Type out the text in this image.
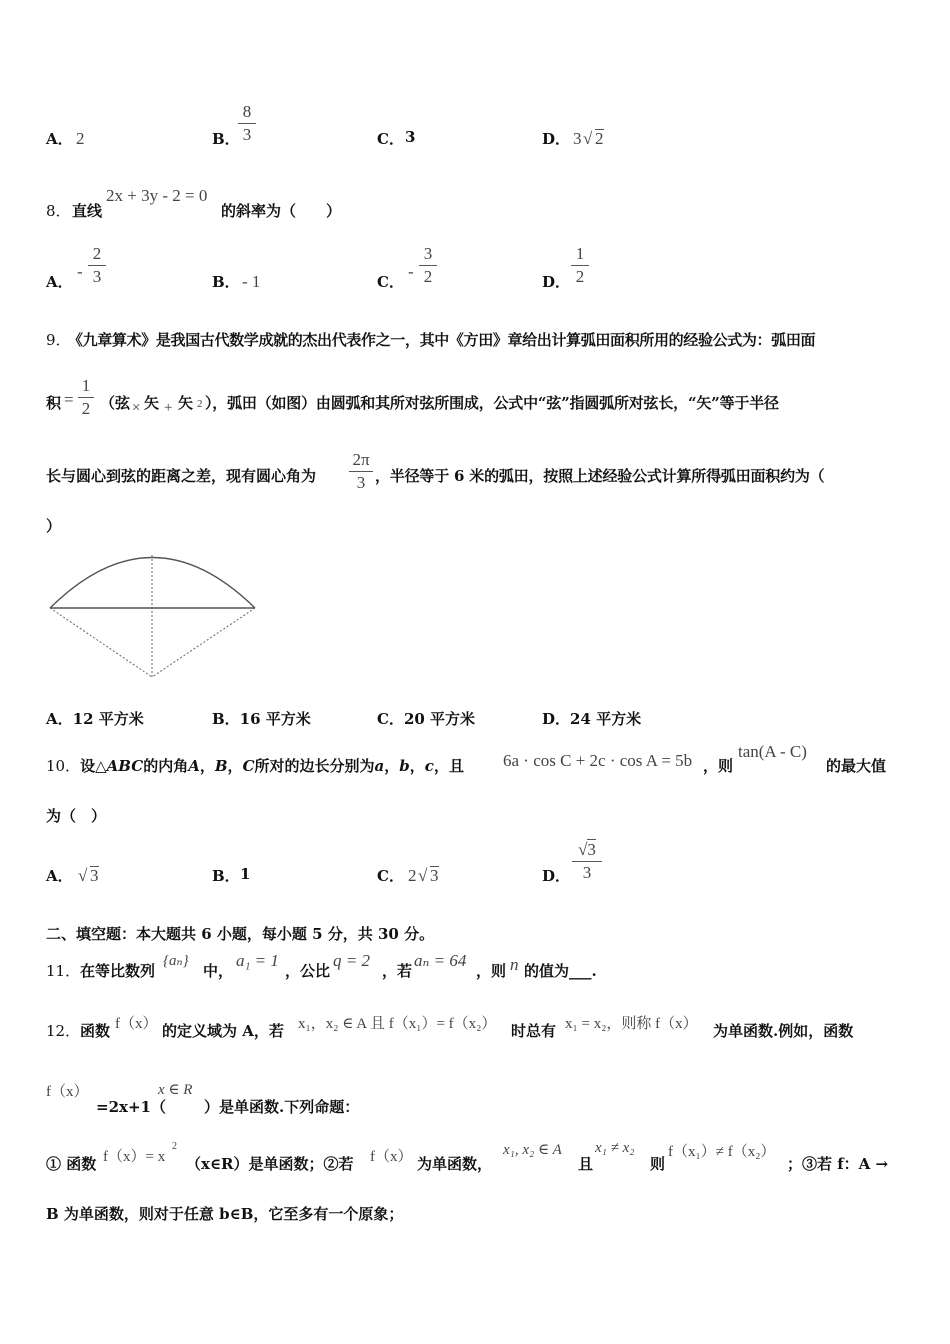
A． 2	B．
8
3	C． 3	D． 3 √ 2
8． 直线
2x + 3y - 2 = 0
的斜率为（　　）
A．
-
2
3	B． - 1	C．
-
3
2	D．
1
2
9．
《九章算术》是我国古代数学成就的杰出代表作之一，其中《方田》章给出计算弧田面积所用的经验公式为：弧田面
积 =
1
2 （弦 × 矢 + 矢 2 ），弧田（如图）由圆弧和其所对弦所围成，公式中“弦”指圆弧所对弦长，“矢”等于半径
长与圆心到弦的距离之差，现有圆心角为
2π
3 ，半径等于 6 米的弧田，按照上述经验公式计算所得弧田面积约为（
）
A．12 平方米	B．16 平方米	C．20 平方米	D．24 平方米
10．设△ABC的内角A，B，C所对的边长分别为a，b，c，且 6a · cos C + 2c · cos A = 5b ，则
tan(A - C)
的最大值
为（　）
A． √ 3	B． 1	C． 2 √ 3	D．
√3
3
二、填空题：本大题共 6 小题，每小题 5 分，共 30 分。
11． 在等比数列
{aₙ}
中，
a₁ = 1
，公比
q = 2
，若
aₙ = 64
，则 n 的值为___.
12． 函数 f（x） 的定义域为 A，若 x₁，x₂ ∈ A 且 f（x₁）= f（x₂） 时总有 x₁ = x₂，则称 f（x） 为单函数.例如，函数
f（x）
=2x+1（
x ∈ R
）是单函数.下列命题：
① 函数 f（x）= x
2
（x∈R）是单函数；②若 f（x） 为单函数，
x₁, x₂ ∈ A
且
x₁ ≠ x₂
则
f（x₁）≠ f（x₂）
；③若 f：A →
B 为单函数，则对于任意 b∈B，它至多有一个原象；
